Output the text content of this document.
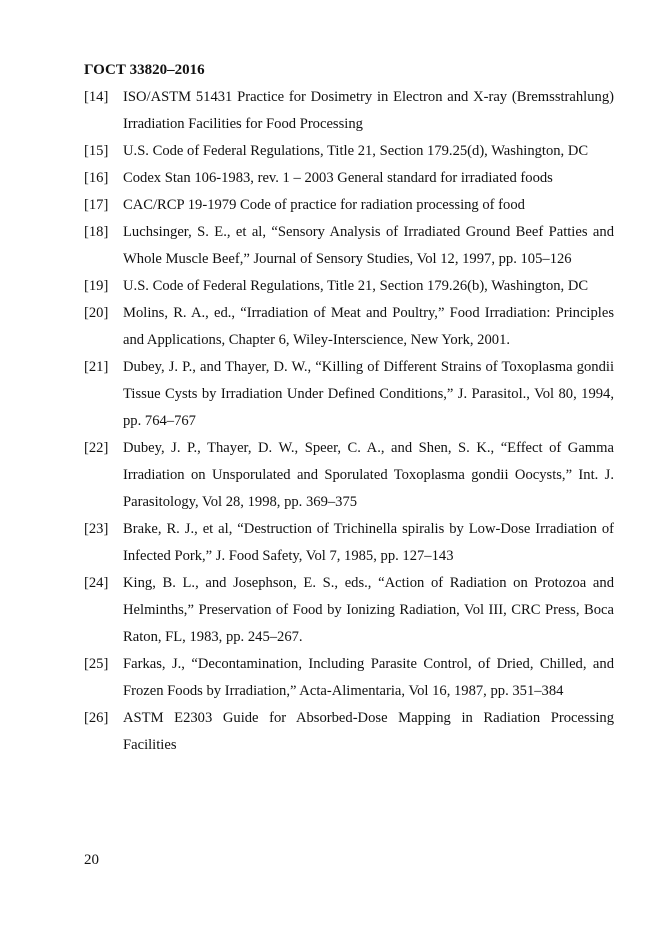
ГОСТ 33820–2016
[14]	ISO/ASTM 51431 Practice for Dosimetry in Electron and X-ray (Bremsstrahlung) Irradiation Facilities for Food Processing
[15]	U.S. Code of Federal Regulations, Title 21, Section 179.25(d), Washington, DC
[16]	Codex Stan 106-1983, rev. 1 – 2003 General standard for irradiated foods
[17]	CAC/RCP 19-1979 Code of practice for radiation processing of food
[18]	Luchsinger, S. E., et al, “Sensory Analysis of Irradiated Ground Beef Patties and Whole Muscle Beef,” Journal of Sensory Studies, Vol 12, 1997, pp. 105–126
[19]	U.S. Code of Federal Regulations, Title 21, Section 179.26(b), Washington, DC
[20]	Molins, R. A., ed., “Irradiation of Meat and Poultry,” Food Irradiation: Principles and Applications, Chapter 6, Wiley-Interscience, New York, 2001.
[21]	Dubey, J. P., and Thayer, D. W., “Killing of Different Strains of Toxoplasma gondii Tissue Cysts by Irradiation Under Defined Conditions,” J. Parasitol., Vol 80, 1994, pp. 764–767
[22]	Dubey, J. P., Thayer, D. W., Speer, C. A., and Shen, S. K., “Effect of Gamma Irradiation on Unsporulated and Sporulated Toxoplasma gondii Oocysts,” Int. J. Parasitology, Vol 28, 1998, pp. 369–375
[23]	Brake, R. J., et al, “Destruction of Trichinella spiralis by Low-Dose Irradiation of Infected Pork,” J. Food Safety, Vol 7, 1985, pp. 127–143
[24]	King, B. L., and Josephson, E. S., eds., “Action of Radiation on Protozoa and Helminths,” Preservation of Food by Ionizing Radiation, Vol III, CRC Press, Boca Raton, FL, 1983, pp. 245–267.
[25]	Farkas, J., “Decontamination, Including Parasite Control, of Dried, Chilled, and Frozen Foods by Irradiation,” Acta-Alimentaria, Vol 16, 1987, pp. 351–384
[26]	ASTM E2303 Guide for Absorbed-Dose Mapping in Radiation Processing Facilities
20
